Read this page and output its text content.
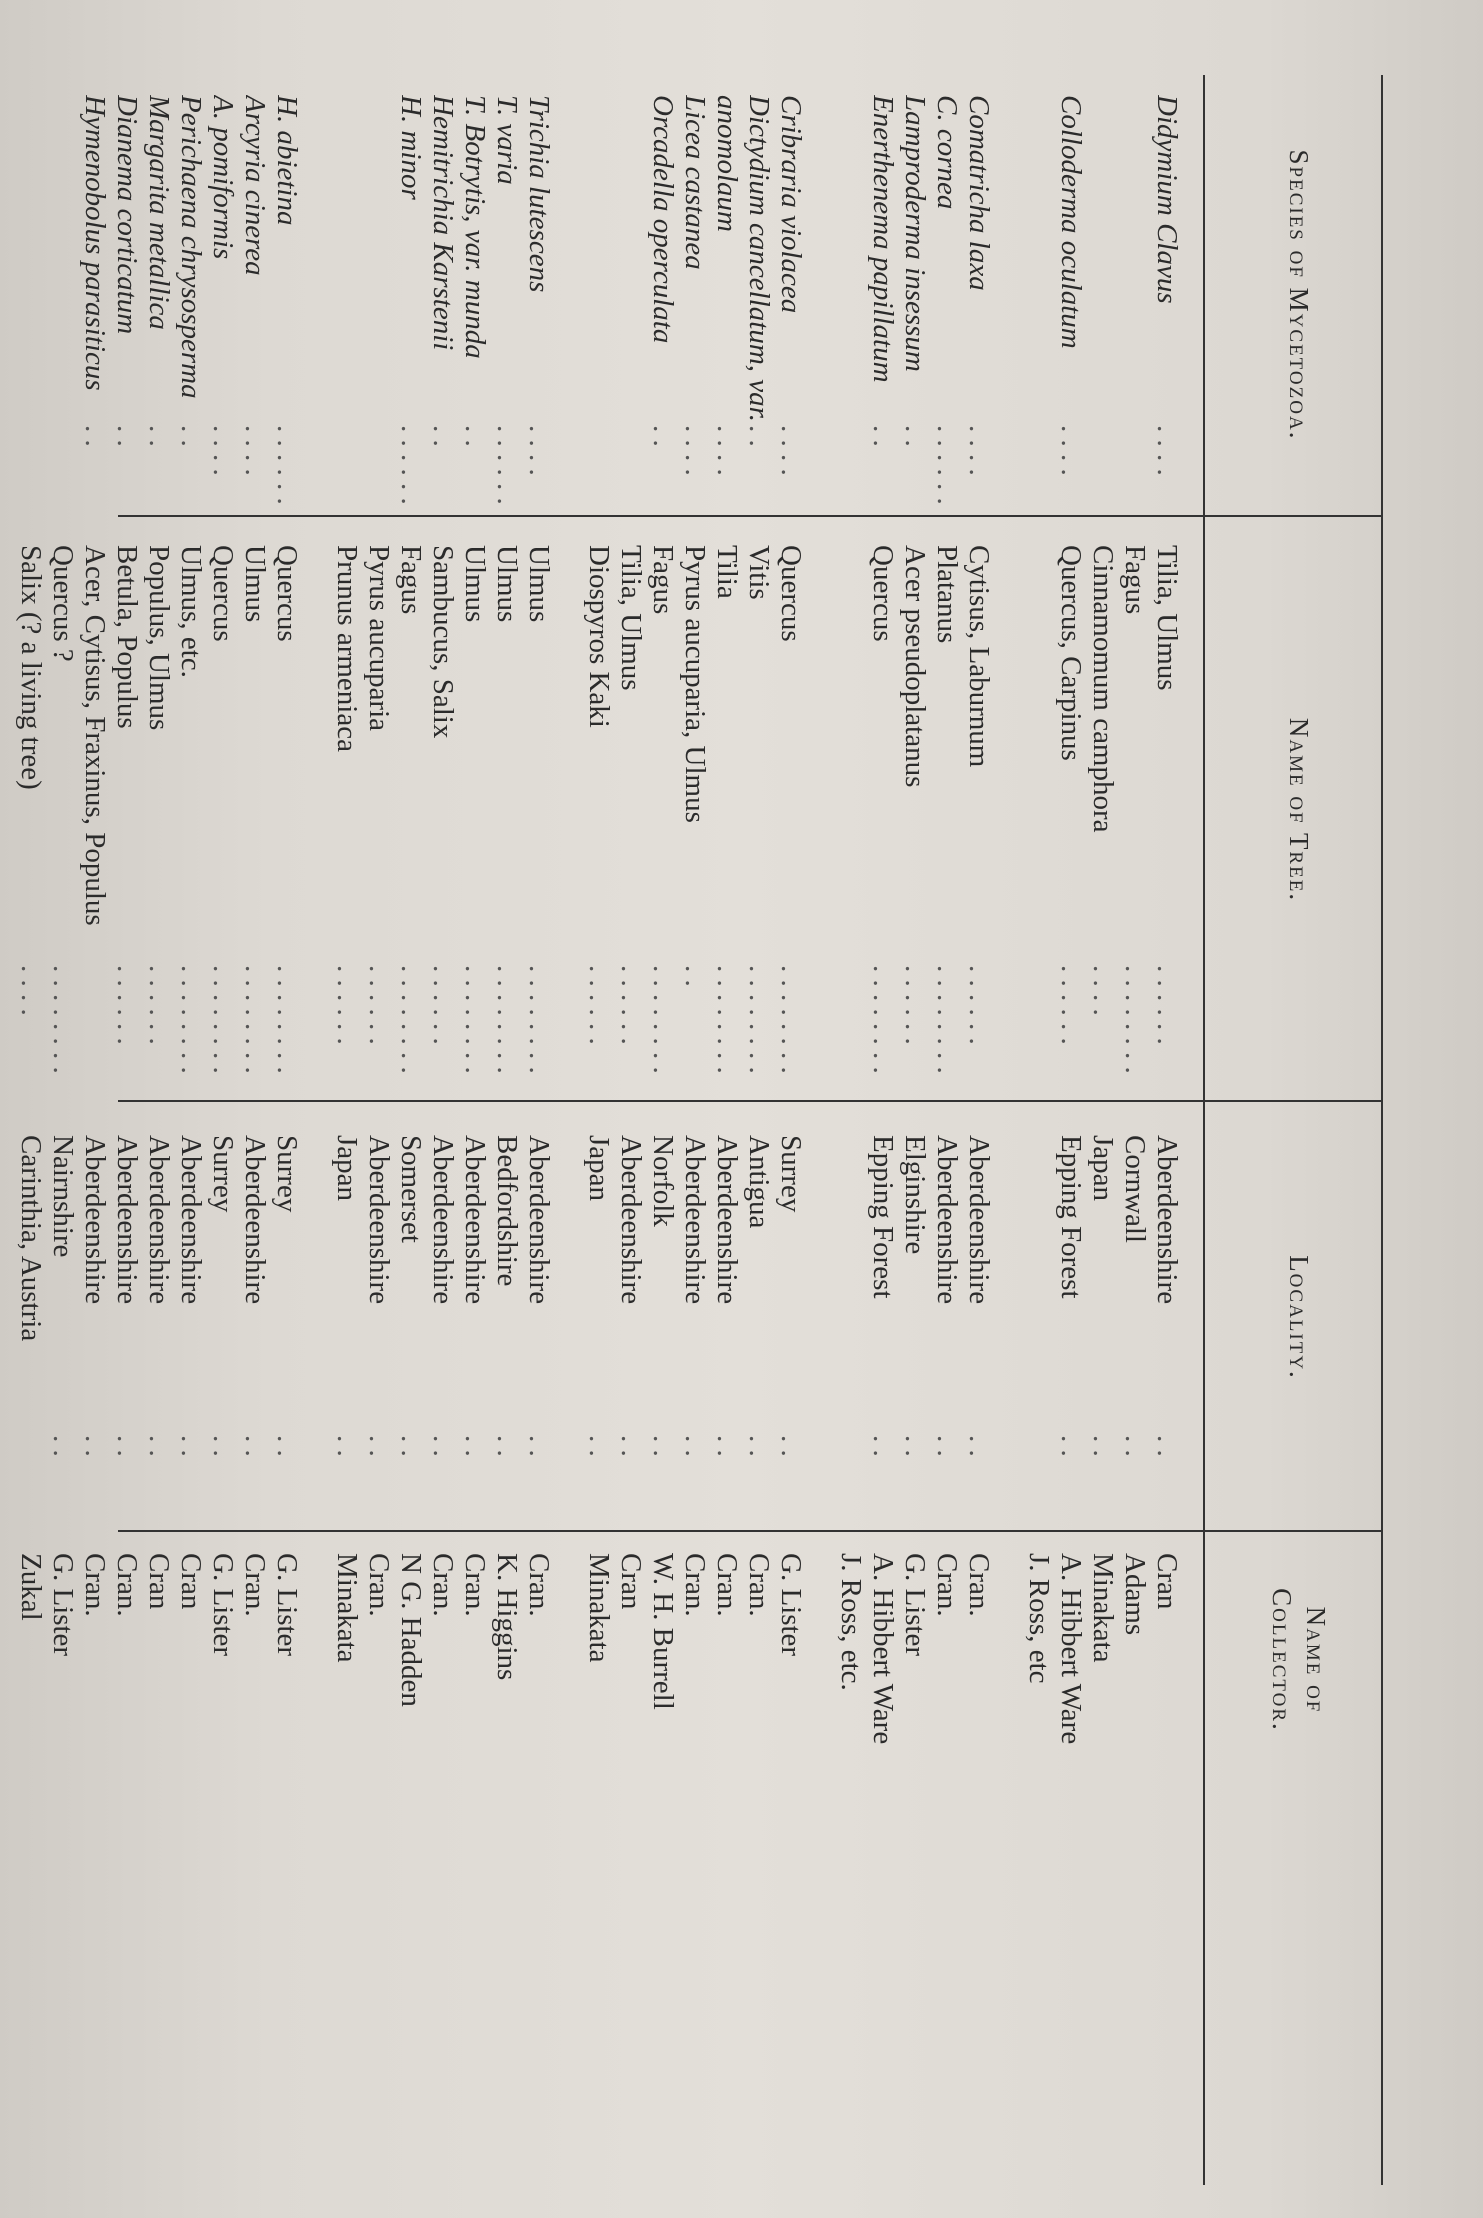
Species of Mycetozoa.
Name of Tree.
Locality.
Name of
Collector.
Didymium Clavus
. . . .
Tilia, Ulmus
. . . . . .
Aberdeenshire
. .
Cran
Fagus
. . . . . . . .
Cornwall
. .
Adams
Cinnamomum camphora
. . . .
Japan
. .
Minakata
Colloderma oculatum
. . . .
Quercus, Carpinus
. . . . . .
Epping Forest
. .
A. Hibbert Ware
J. Ross, etc
Comatricha laxa
. . . .
Cytisus, Laburnum
. . . . . .
Aberdeenshire
. .
Cran.
C. cornea
. . . . . .
Platanus
. . . . . . . .
Aberdeenshire
. .
Cran.
Lamproderma insessum
. .
Acer pseudoplatanus
. . . . . .
Elginshire
. .
G. Lister
Enerthenema papillatum
. .
Quercus
. . . . . . . .
Epping Forest
. .
A. Hibbert Ware
J. Ross, etc.
Cribraria violacea
. . . .
Quercus
. . . . . . . .
Surrey
. .
G. Lister
Dictydium cancellatum, var.
. .
Vitis
. . . . . . . .
Antigua
. .
Cran.
anomolaum
. . . .
Tilia
. . . . . . . .
Aberdeenshire
. .
Cran.
Licea castanea
. . . .
Pyrus aucuparia, Ulmus
. .
Aberdeenshire
. .
Cran.
Orcadella operculata
. .
Fagus
. . . . . . . .
Norfolk
. .
W. H. Burrell
Tilia, Ulmus
. . . . . .
Aberdeenshire
. .
Cran
Diospyros Kaki
. . . . . .
Japan
. .
Minakata
Trichia lutescens
. . . .
Ulmus
. . . . . . . .
Aberdeenshire
. .
Cran.
T. varia
. . . . . .
Ulmus
. . . . . . . .
Bedfordshire
. .
K. Higgins
T. Botrytis, var. munda
. .
Ulmus
. . . . . . . .
Aberdeenshire
. .
Cran.
Hemitrichia Karstenii
. .
Sambucus, Salix
. . . . . .
Aberdeenshire
. .
Cran.
H. minor
. . . . . .
Fagus
. . . . . . . .
Somerset
. .
N G. Hadden
Pyrus aucuparia
. . . . . .
Aberdeenshire
. .
Cran.
Prunus armeniaca
. . . . . .
Japan
. .
Minakata
H. abietina
. . . . . .
Quercus
. . . . . . . .
Surrey
. .
G. Lister
Arcyria cinerea
. . . .
Ulmus
. . . . . . . .
Aberdeenshire
. .
Cran.
A. pomiformis
. . . .
Quercus
. . . . . . . .
Surrey
. .
G. Lister
Perichaena chrysosperma
. .
Ulmus, etc.
. . . . . . . .
Aberdeenshire
. .
Cran
Margarita metallica
. .
Populus, Ulmus
. . . . . .
Aberdeenshire
. .
Cran
Dianema corticatum
. .
Betula, Populus
. . . . . .
Aberdeenshire
. .
Cran.
Hymenobolus parasiticus
. .
Acer, Cytisus, Fraxinus, Populus
Aberdeenshire
. .
Cran.
Quercus ?
. . . . . . . .
Nairnshire
. .
G. Lister
Salix (? a living tree)
. . . .
Carinthia, Austria
Zukal
